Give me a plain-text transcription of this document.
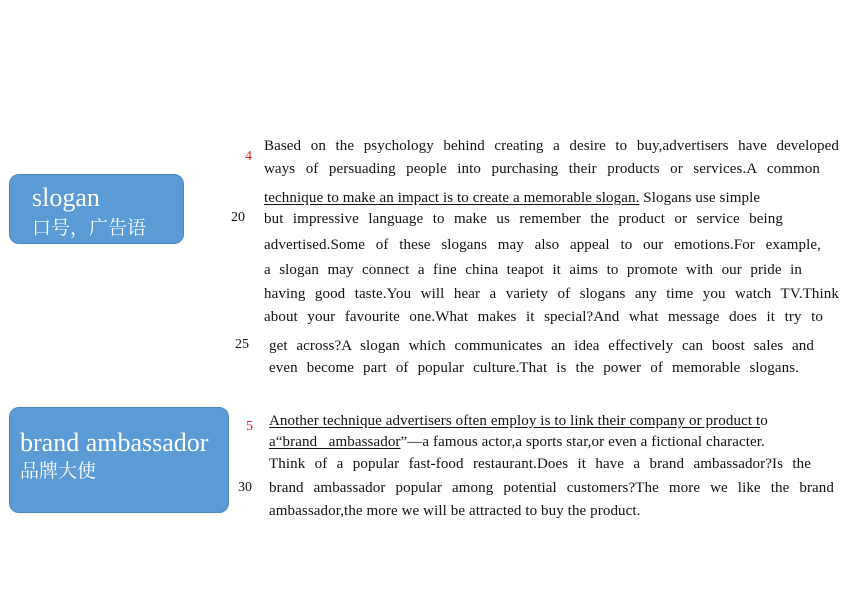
slogan
口号，广告语
brand ambassador
品牌大使
4
20
25
5
30
Based on the psychology behind creating a desire to buy,advertisers have developed
ways of persuading people into purchasing their products or services.A common
technique to make an impact is to create a memorable slogan. Slogans use simple
but impressive language to make us remember the product or service being
advertised.Some of these slogans may also appeal to our emotions.For example,
a slogan may connect a fine china teapot it aims to promote with our pride in
having good taste.You will hear a variety of slogans any time you watch TV.Think
about your favourite one.What makes it special?And what message does it try to
get across?A slogan which communicates an idea effectively can boost sales and
even become part of popular culture.That is the power of memorable slogans.
Another technique advertisers often employ is to link their company or product to
a“brand   ambassador”—a famous actor,a sports star,or even a fictional character.
Think of a popular fast-food restaurant.Does it have a brand ambassador?Is the
brand ambassador popular among potential customers?The more we like the brand
ambassador,the more we will be attracted to buy the product.
